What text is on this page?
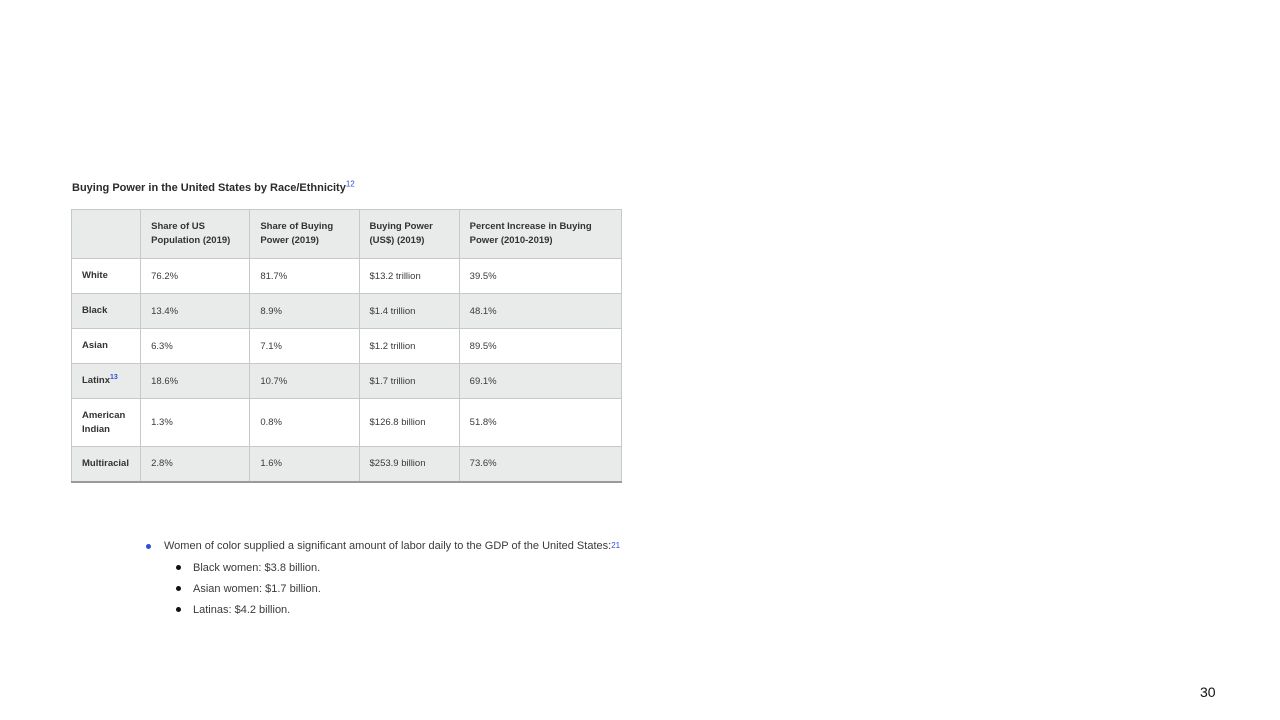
Buying Power in the United States by Race/Ethnicity$^{12}$
	Share of US Population (2019)	Share of Buying Power (2019)	Buying Power (US$) (2019)	Percent Increase in Buying Power (2010-2019)
White	76.2%	81.7%	$13.2 trillion	39.5%
Black	13.4%	8.9%	$1.4 trillion	48.1%
Asian	6.3%	7.1%	$1.2 trillion	89.5%
Latinx$^{13}$	18.6%	10.7%	$1.7 trillion	69.1%
American Indian	1.3%	0.8%	$126.8 billion	51.8%
Multiracial	2.8%	1.6%	$253.9 billion	73.6%
Women of color supplied a significant amount of labor daily to the GDP of the United States: 21
Black women: $3.8 billion.
Asian women: $1.7 billion.
Latinas: $4.2 billion.
30
